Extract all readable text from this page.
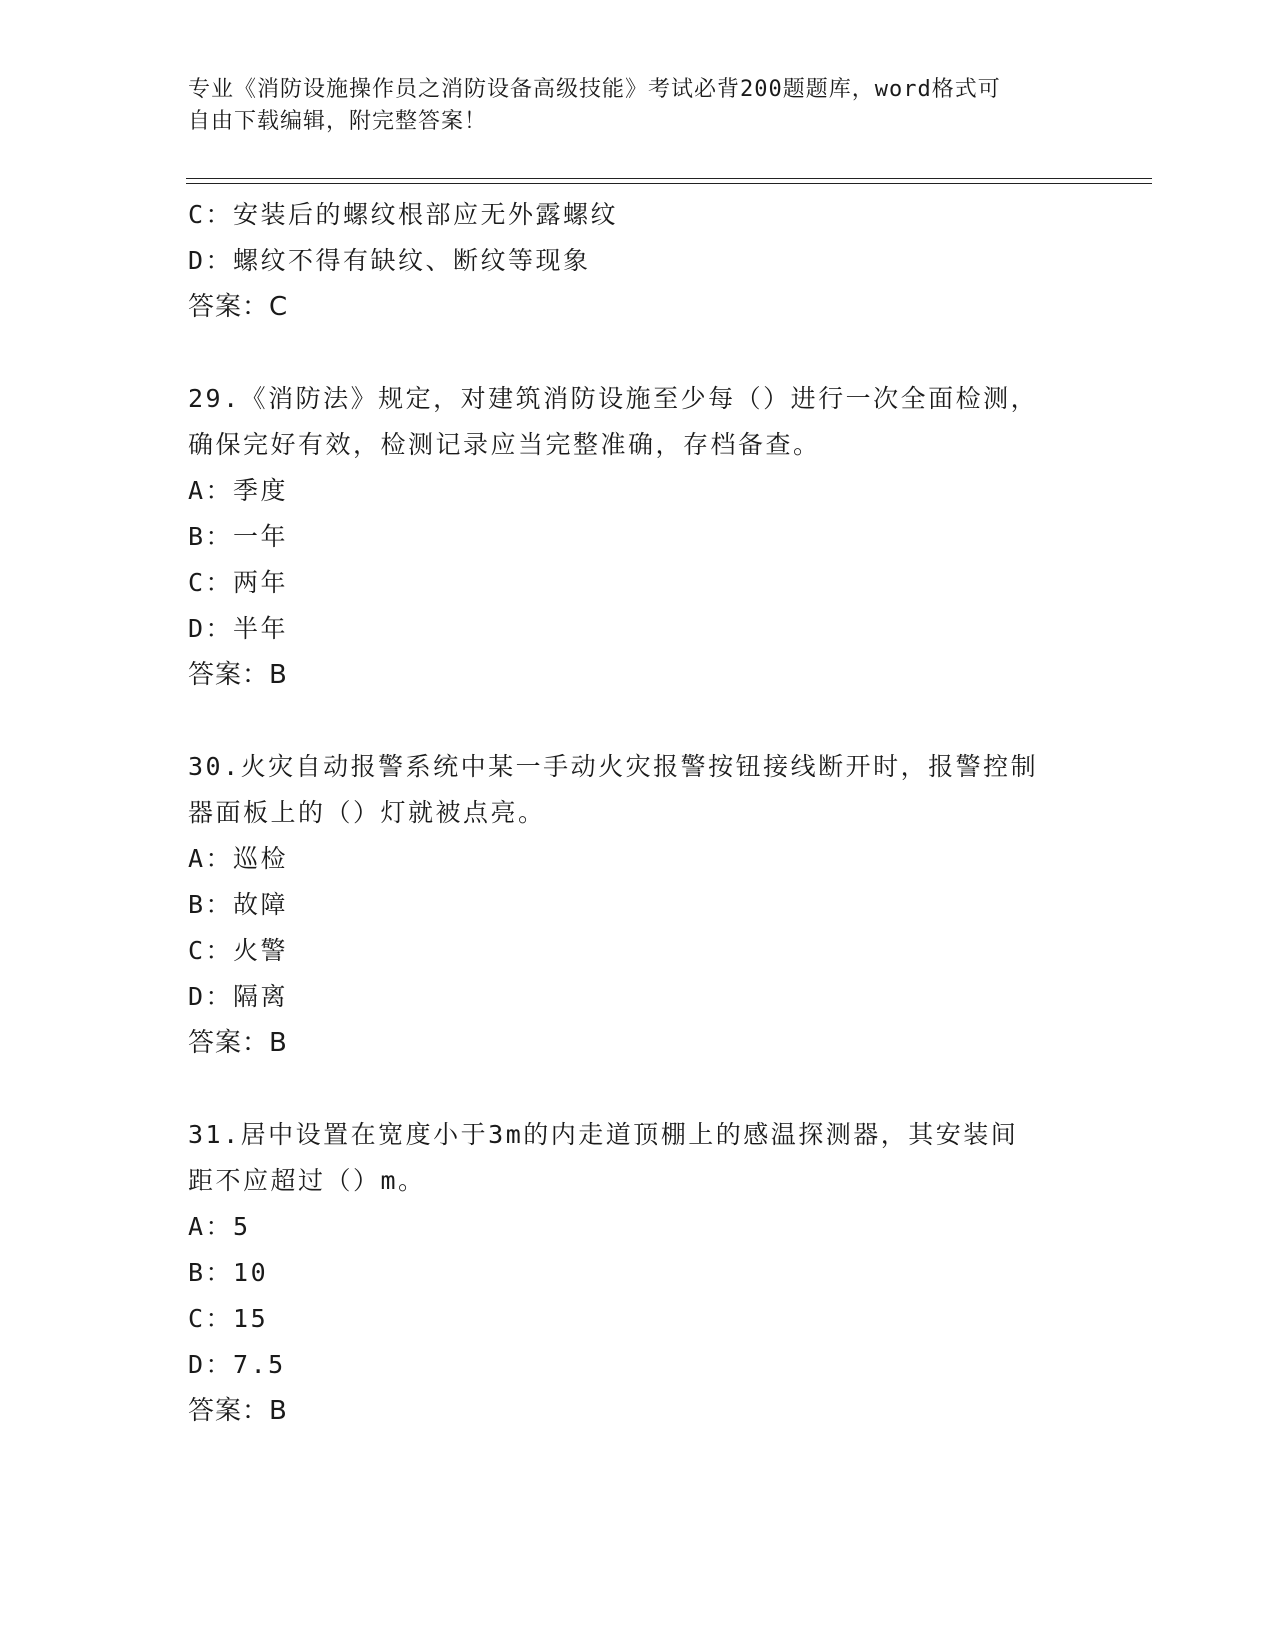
专业《消防设施操作员之消防设备高级技能》考试必背200题题库，word格式可
自由下载编辑，附完整答案！
C：安装后的螺纹根部应无外露螺纹
D：螺纹不得有缺纹、断纹等现象
答案：C
29.《消防法》规定，对建筑消防设施至少每（）进行一次全面检测，
确保完好有效，检测记录应当完整准确，存档备查。
A：季度
B：一年
C：两年
D：半年
答案：B
30.火灾自动报警系统中某一手动火灾报警按钮接线断开时，报警控制
器面板上的（）灯就被点亮。
A：巡检
B：故障
C：火警
D：隔离
答案：B
31.居中设置在宽度小于3m的内走道顶棚上的感温探测器，其安装间
距不应超过（）m。
A：5
B：10
C：15
D：7.5
答案：B
